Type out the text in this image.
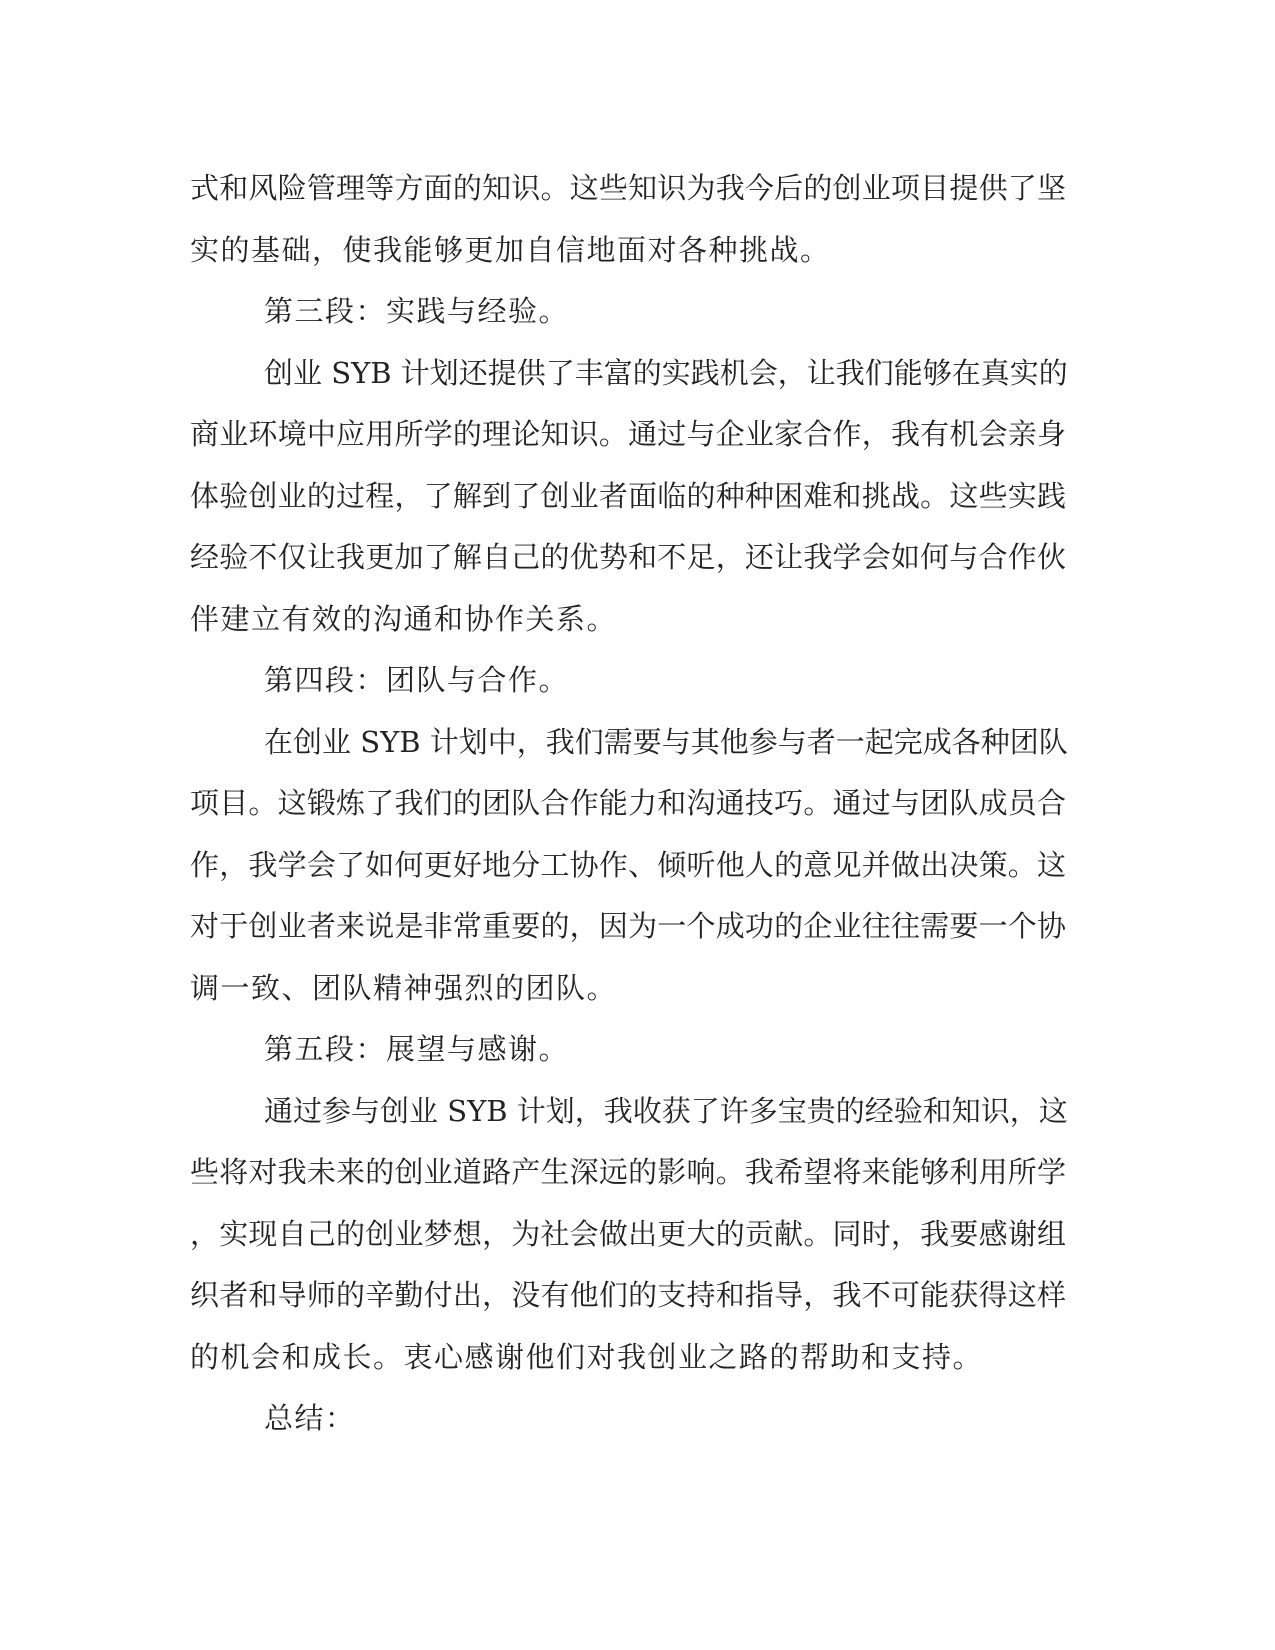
式和风险管理等方面的知识。这些知识为我今后的创业项目提供了坚
实的基础，使我能够更加自信地面对各种挑战。
第三段：实践与经验。
创业 SYB 计划还提供了丰富的实践机会，让我们能够在真实的
商业环境中应用所学的理论知识。通过与企业家合作，我有机会亲身
体验创业的过程，了解到了创业者面临的种种困难和挑战。这些实践
经验不仅让我更加了解自己的优势和不足，还让我学会如何与合作伙
伴建立有效的沟通和协作关系。
第四段：团队与合作。
在创业 SYB 计划中，我们需要与其他参与者一起完成各种团队
项目。这锻炼了我们的团队合作能力和沟通技巧。通过与团队成员合
作，我学会了如何更好地分工协作、倾听他人的意见并做出决策。这
对于创业者来说是非常重要的，因为一个成功的企业往往需要一个协
调一致、团队精神强烈的团队。
第五段：展望与感谢。
通过参与创业 SYB 计划，我收获了许多宝贵的经验和知识，这
些将对我未来的创业道路产生深远的影响。我希望将来能够利用所学
，实现自己的创业梦想，为社会做出更大的贡献。同时，我要感谢组
织者和导师的辛勤付出，没有他们的支持和指导，我不可能获得这样
的机会和成长。衷心感谢他们对我创业之路的帮助和支持。
总结：
